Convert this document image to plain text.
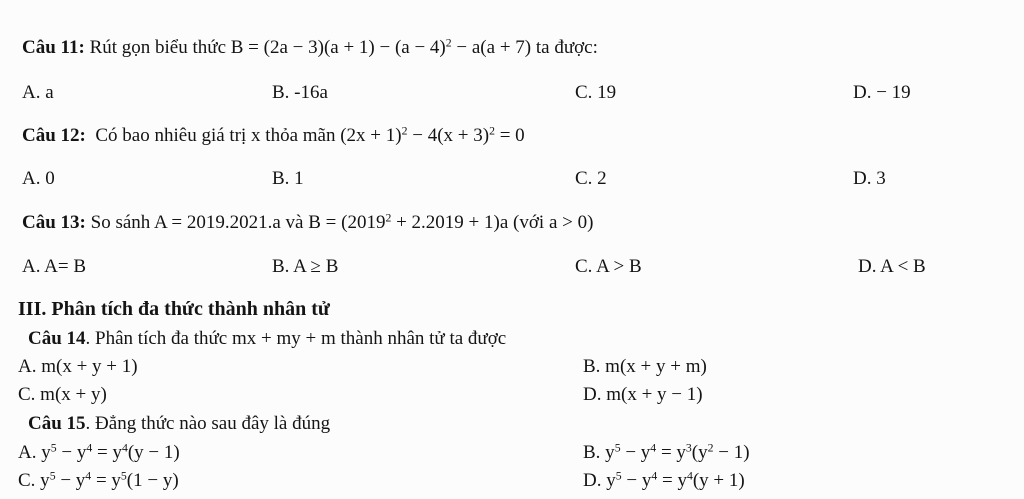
Câu 11: Rút gọn biểu thức $B = (2a - 3)(a + 1) - (a - 4)^2 - a(a + 7)$ ta được:
A. a	B. -16a	C. 19	D. − 19
Câu 12: Có bao nhiêu giá trị x thỏa mãn $(2x + 1)^2 - 4(x + 3)^2 = 0$
A. 0	B. 1	C. 2	D. 3
Câu 13: So sánh A = 2019.2021.a và $B = (2019^2 + 2.2019 + 1)a$ (với a > 0)
A. A= B	B. A ≥ B	C. A > B	D. A < B
III. Phân tích đa thức thành nhân tử
Câu 14. Phân tích đa thức mx + my + m thành nhân tử ta được
A. m(x + y + 1)	B. m(x + y + m)
C. m(x + y)	D. m(x + y − 1)
Câu 15. Đẳng thức nào sau đây là đúng
A. $y^5 - y^4 = y^4(y - 1)$	B. $y^5 - y^4 = y^3(y^2 - 1)$
C. $y^5 - y^4 = y^5(1 - y)$	D. $y^5 - y^4 = y^4(y + 1)$
